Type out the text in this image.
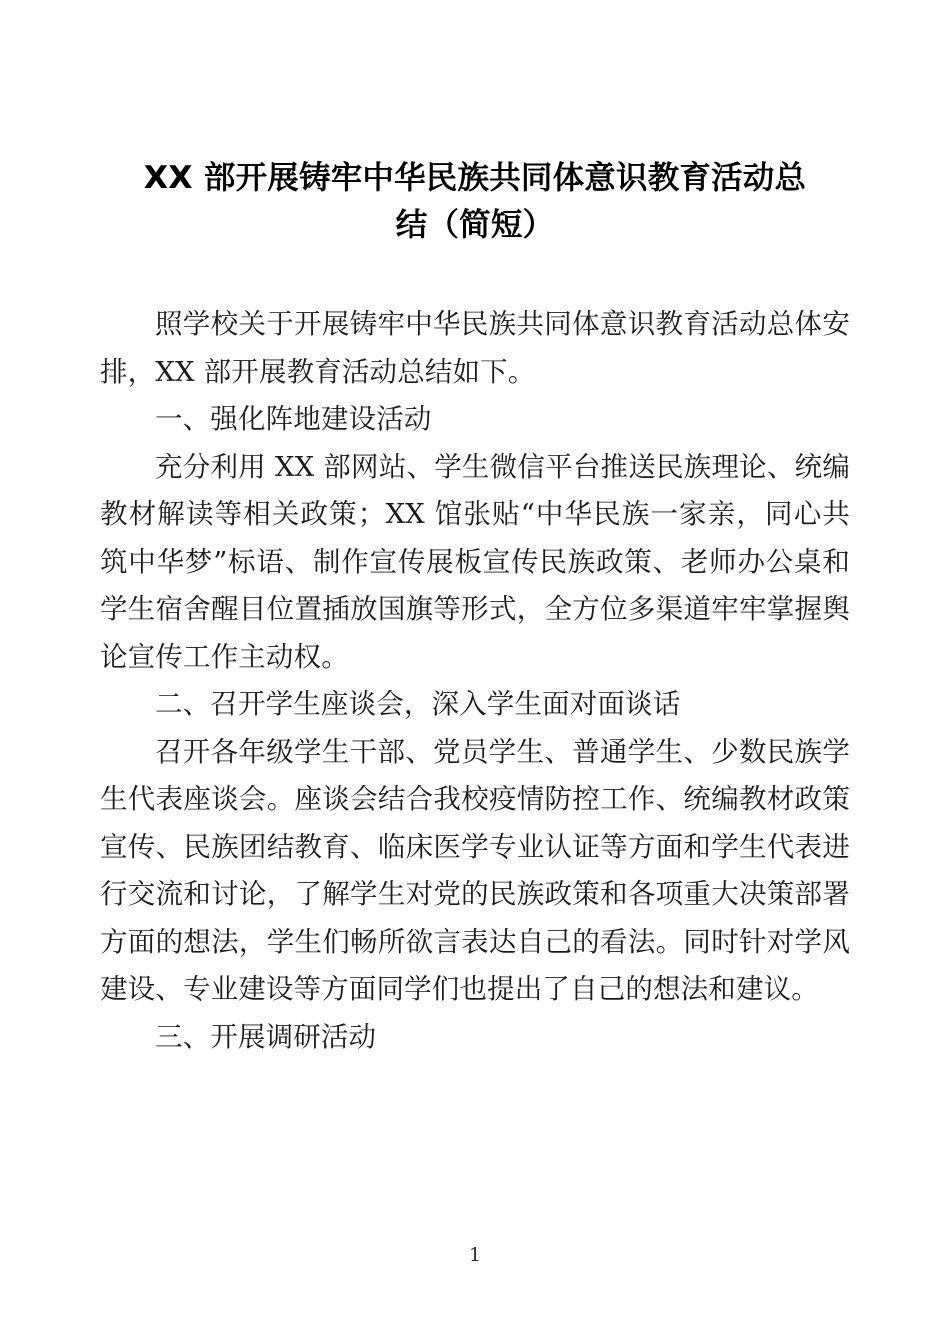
XX 部开展铸牢中华民族共同体意识教育活动总
结（简短）

照学校关于开展铸牢中华民族共同体意识教育活动总体安排，XX 部开展教育活动总结如下。

一、强化阵地建设活动

充分利用 XX 部网站、学生微信平台推送民族理论、统编教材解读等相关政策；XX 馆张贴“中华民族一家亲，同心共筑中华梦”标语、制作宣传展板宣传民族政策、老师办公桌和学生宿舍醒目位置插放国旗等形式，全方位多渠道牢牢掌握舆论宣传工作主动权。

二、召开学生座谈会，深入学生面对面谈话

召开各年级学生干部、党员学生、普通学生、少数民族学生代表座谈会。座谈会结合我校疫情防控工作、统编教材政策宣传、民族团结教育、临床医学专业认证等方面和学生代表进行交流和讨论，了解学生对党的民族政策和各项重大决策部署方面的想法，学生们畅所欲言表达自己的看法。同时针对学风建设、专业建设等方面同学们也提出了自己的想法和建议。

三、开展调研活动

1
